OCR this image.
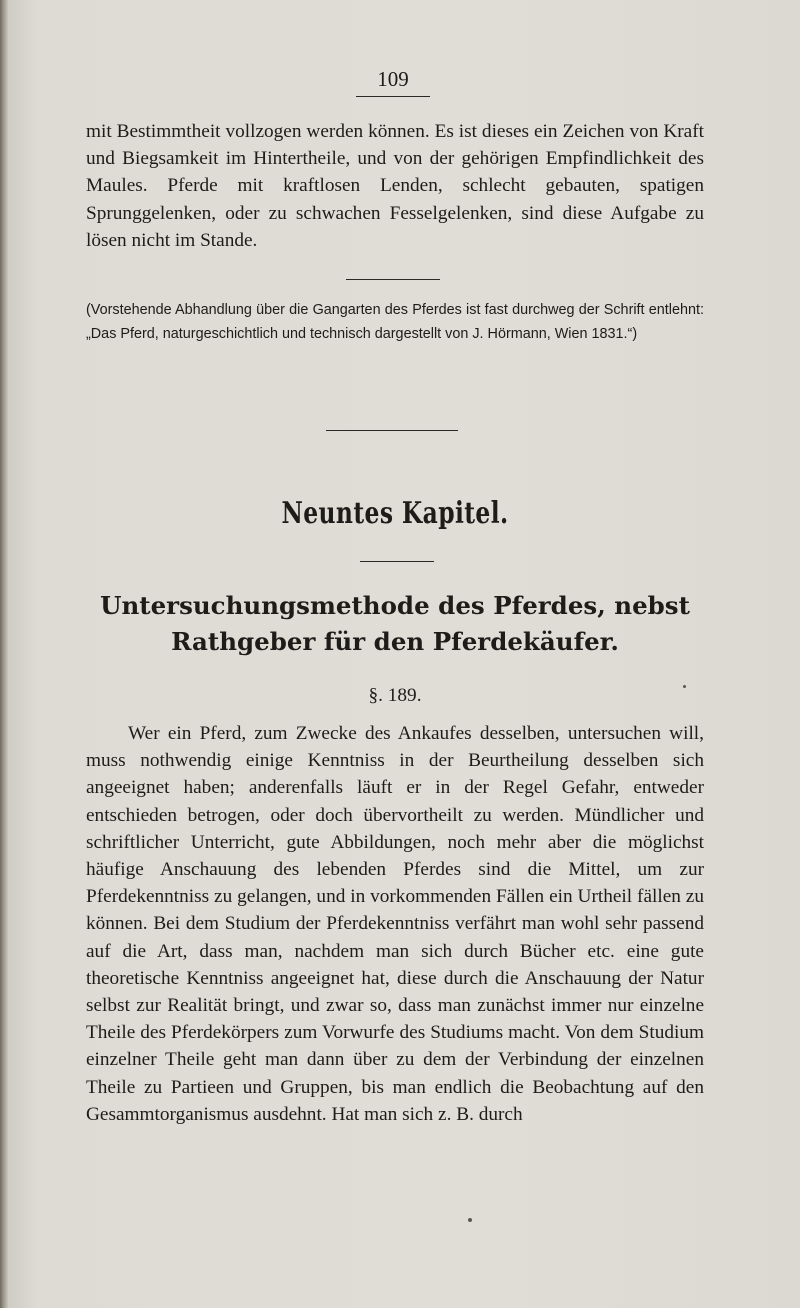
109

mit Bestimmtheit vollzogen werden können. Es ist dieses ein Zeichen von Kraft und Biegsamkeit im Hintertheile, und von der gehörigen Empfindlichkeit des Maules. Pferde mit kraftlosen Lenden, schlecht gebauten, spatigen Sprunggelenken, oder zu schwachen Fesselgelenken, sind diese Aufgabe zu lösen nicht im Stande.

(Vorstehende Abhandlung über die Gangarten des Pferdes ist fast durchweg der Schrift entlehnt: „Das Pferd, naturgeschichtlich und technisch dargestellt von J. Hörmann, Wien 1831.“)

Neuntes Kapitel.
Untersuchungsmethode des Pferdes, nebst
Rathgeber für den Pferdekäufer.
§. 189.

Wer ein Pferd, zum Zwecke des Ankaufes desselben, untersuchen will, muss nothwendig einige Kenntniss in der Beurtheilung desselben sich angeeignet haben; anderenfalls läuft er in der Regel Gefahr, entweder entschieden betrogen, oder doch übervortheilt zu werden. Mündlicher und schriftlicher Unterricht, gute Abbildungen, noch mehr aber die möglichst häufige Anschauung des lebenden Pferdes sind die Mittel, um zur Pferdekenntniss zu gelangen, und in vorkommenden Fällen ein Urtheil fällen zu können. Bei dem Studium der Pferdekenntniss verfährt man wohl sehr passend auf die Art, dass man, nachdem man sich durch Bücher etc. eine gute theoretische Kenntniss angeeignet hat, diese durch die Anschauung der Natur selbst zur Realität bringt, und zwar so, dass man zunächst immer nur einzelne Theile des Pferdekörpers zum Vorwurfe des Studiums macht. Von dem Studium einzelner Theile geht man dann über zu dem der Verbindung der einzelnen Theile zu Partieen und Gruppen, bis man endlich die Beobachtung auf den Gesammtorganismus ausdehnt. Hat man sich z. B. durch
